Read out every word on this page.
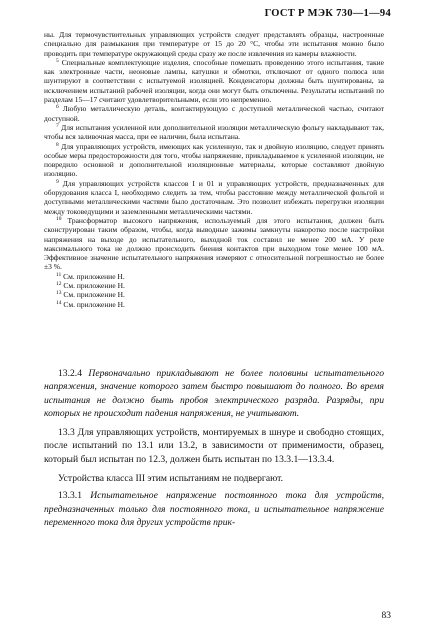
ГОСТ Р МЭК 730—1—94

ны. Для термочувствительных управляющих устройств следует представлять образцы, настроенные специально для размыкания при температуре от 15 до 20 °C, чтобы эти испытания можно было проводить при температуре окружающей среды сразу же после извлечения из камеры влажности.

$^5$ Специальные комплектующие изделия, способные помешать проведению этого испытания, такие как электронные части, неоновые лампы, катушки и обмотки, отключают от одного полюса или шунтируют в соответствии с испытуемой изоляцией. Конденсаторы должны быть шунтированы, за исключением испытаний рабочей изоляции, когда они могут быть отключены. Результаты испытаний по разделам 15—17 считают удовлетворительными, если это непременно.

$^6$ Любую металлическую деталь, контактирующую с доступной металлической частью, считают доступной.

$^7$ Для испытания усиленной или дополнительной изоляции металлическую фольгу накладывают так, чтобы вся заливочная масса, при ее наличии, была испытана.

$^8$ Для управляющих устройств, имеющих как усиленную, так и двойную изоляцию, следует принять особые меры предосторожности для того, чтобы напряжение, прикладываемое к усиленной изоляции, не повредило основной и дополнительной изоляционные материалы, которые составляют двойную изоляцию.

$^9$ Для управляющих устройств классов I и 01 и управляющих устройств, предназначенных для оборудования класса I, необходимо следить за тем, чтобы расстояние между металлической фольгой и доступными металлическими частями было достаточным. Это позволит избежать перегрузки изоляции между токоведущими и заземленными металлическими частями.

$^{10}$ Трансформатор высокого напряжения, используемый для этого испытания, должен быть сконструирован таким образом, чтобы, когда выводные зажимы замкнуты накоротко после настройки напряжения на выходе до испытательного, выходной ток составил не менее 200 мА. У реле максимального тока не должно происходить биения контактов при выходном токе менее 100 мА. Эффективное значение испытательного напряжения измеряют с относительной погрешностью не более ±3 %.

$^{11}$ См. приложение Н.

$^{12}$ См. приложение Н.

$^{13}$ См. приложение Н.

$^{14}$ См. приложение Н.

13.2.4 Первоначально прикладывают не более половины испытательного напряжения, значение которого затем быстро повышают до полного. Во время испытания не должно быть пробоя электрического разряда. Разряды, при которых не происходит падения напряжения, не учитывают.

13.3 Для управляющих устройств, монтируемых в шнуре и свободно стоящих, после испытаний по 13.1 или 13.2, в зависимости от применимости, образец, который был испытан по 12.3, должен быть испытан по 13.3.1—13.3.4.

Устройства класса III этим испытаниям не подвергают.

13.3.1 Испытательное напряжение постоянного тока для устройств, предназначенных только для постоянного тока, и испытательное напряжение переменного тока для других устройств прик-

83
